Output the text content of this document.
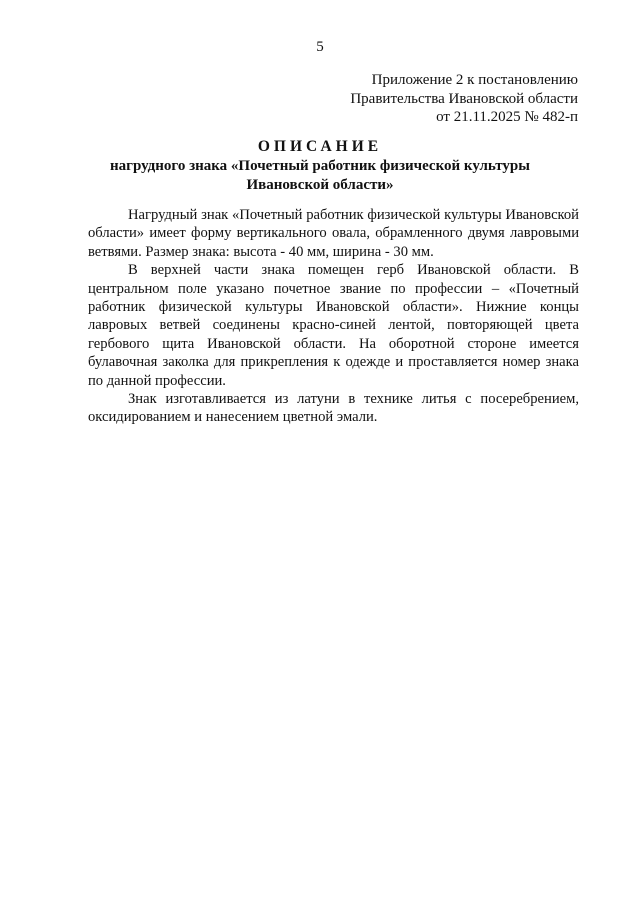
5
Приложение 2 к постановлению
Правительства Ивановской области
от 21.11.2025 № 482-п
ОПИСАНИЕ
нагрудного знака «Почетный работник физической культуры
Ивановской области»

Нагрудный знак «Почетный работник физической культуры Ивановской области» имеет форму вертикального овала, обрамленного двумя лавровыми ветвями. Размер знака: высота - 40 мм, ширина - 30 мм.

В верхней части знака помещен герб Ивановской области. В центральном поле указано почетное звание по профессии – «Почетный работник физической культуры Ивановской области». Нижние концы лавровых ветвей соединены красно-синей лентой, повторяющей цвета гербового щита Ивановской области. На оборотной стороне имеется булавочная заколка для прикрепления к одежде и проставляется номер знака по данной профессии.

Знак изготавливается из латуни в технике литья с посеребрением, оксидированием и нанесением цветной эмали.
